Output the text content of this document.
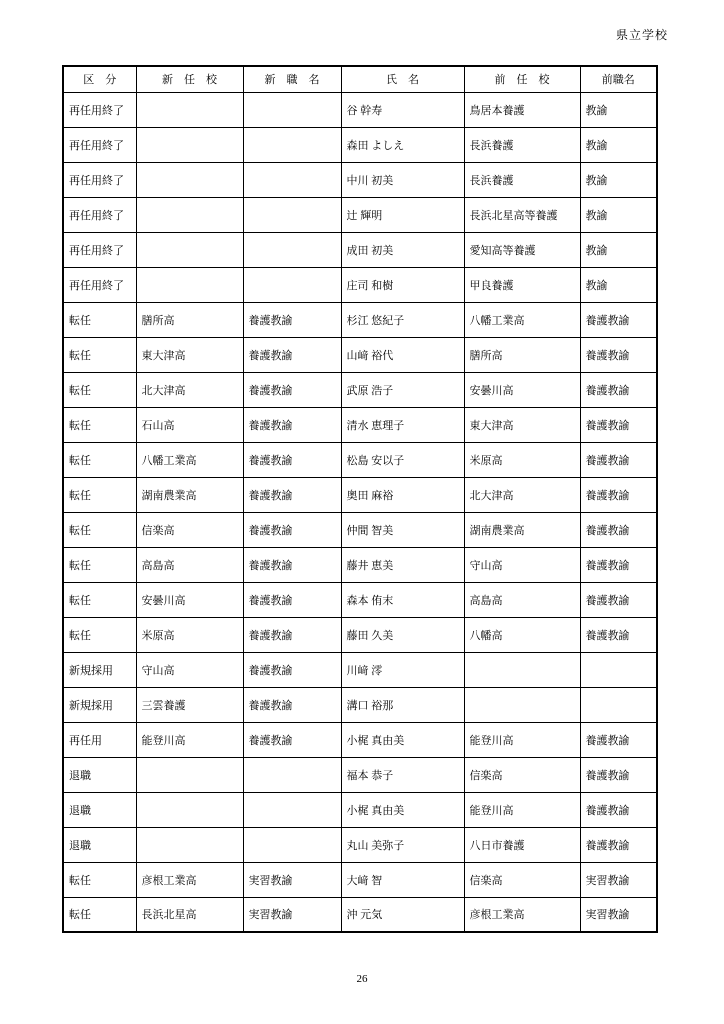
県立学校
区　分	新　任　校	新　職　名	氏　名	前　任　校	前職名
再任用終了			谷 幹寿	鳥居本養護	教諭
再任用終了			森田 よしえ	長浜養護	教諭
再任用終了			中川 初美	長浜養護	教諭
再任用終了			辻 輝明	長浜北星高等養護	教諭
再任用終了			成田 初美	愛知高等養護	教諭
再任用終了			庄司 和樹	甲良養護	教諭
転任	膳所高	養護教諭	杉江 悠紀子	八幡工業高	養護教諭
転任	東大津高	養護教諭	山﨑 裕代	膳所高	養護教諭
転任	北大津高	養護教諭	武原 浩子	安曇川高	養護教諭
転任	石山高	養護教諭	清水 恵理子	東大津高	養護教諭
転任	八幡工業高	養護教諭	松島 安以子	米原高	養護教諭
転任	湖南農業高	養護教諭	奥田 麻裕	北大津高	養護教諭
転任	信楽高	養護教諭	仲間 智美	湖南農業高	養護教諭
転任	高島高	養護教諭	藤井 恵美	守山高	養護教諭
転任	安曇川高	養護教諭	森本 侑末	高島高	養護教諭
転任	米原高	養護教諭	藤田 久美	八幡高	養護教諭
新規採用	守山高	養護教諭	川﨑 澪		
新規採用	三雲養護	養護教諭	溝口 裕那		
再任用	能登川高	養護教諭	小梶 真由美	能登川高	養護教諭
退職			福本 恭子	信楽高	養護教諭
退職			小梶 真由美	能登川高	養護教諭
退職			丸山 美弥子	八日市養護	養護教諭
転任	彦根工業高	実習教諭	大﨑 智	信楽高	実習教諭
転任	長浜北星高	実習教諭	沖 元気	彦根工業高	実習教諭
26
